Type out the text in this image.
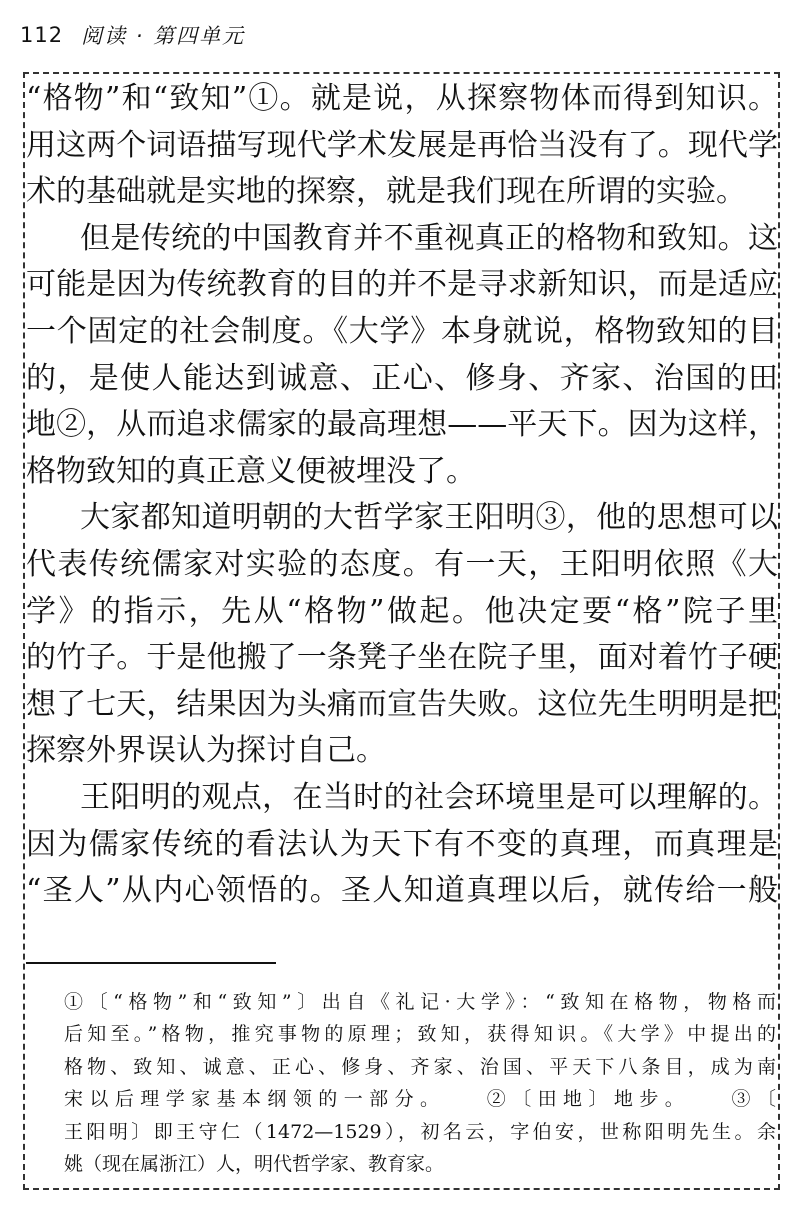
112 阅读 · 第四单元
“格物”和“致知”①。就是说，从探察物体而得到知识。
用这两个词语描写现代学术发展是再恰当没有了。现代学
术的基础就是实地的探察，就是我们现在所谓的实验。
但是传统的中国教育并不重视真正的格物和致知。这
可能是因为传统教育的目的并不是寻求新知识，而是适应
一个固定的社会制度。《大学》本身就说，格物致知的目
的，是使人能达到诚意、正心、修身、齐家、治国的田
地②，从而追求儒家的最高理想——平天下。因为这样，
格物致知的真正意义便被埋没了。
大家都知道明朝的大哲学家王阳明③，他的思想可以
代表传统儒家对实验的态度。有一天，王阳明依照《大
学》的指示，先从“格物”做起。他决定要“格”院子里
的竹子。于是他搬了一条凳子坐在院子里，面对着竹子硬
想了七天，结果因为头痛而宣告失败。这位先生明明是把
探察外界误认为探讨自己。
王阳明的观点，在当时的社会环境里是可以理解的。
因为儒家传统的看法认为天下有不变的真理，而真理是
“圣人”从内心领悟的。圣人知道真理以后，就传给一般
①〔“格物”和“致知”〕出自《礼记·大学》：“致知在格物，物格而
后知至。”格物，推究事物的原理；致知，获得知识。《大学》中提出的
格物、致知、诚意、正心、修身、齐家、治国、平天下八条目，成为南
宋以后理学家基本纲领的一部分。　　②〔田地〕地步。　　③〔
王阳明〕即王守仁（1472—1529），初名云，字伯安，世称阳明先生。余
姚（现在属浙江）人，明代哲学家、教育家。
